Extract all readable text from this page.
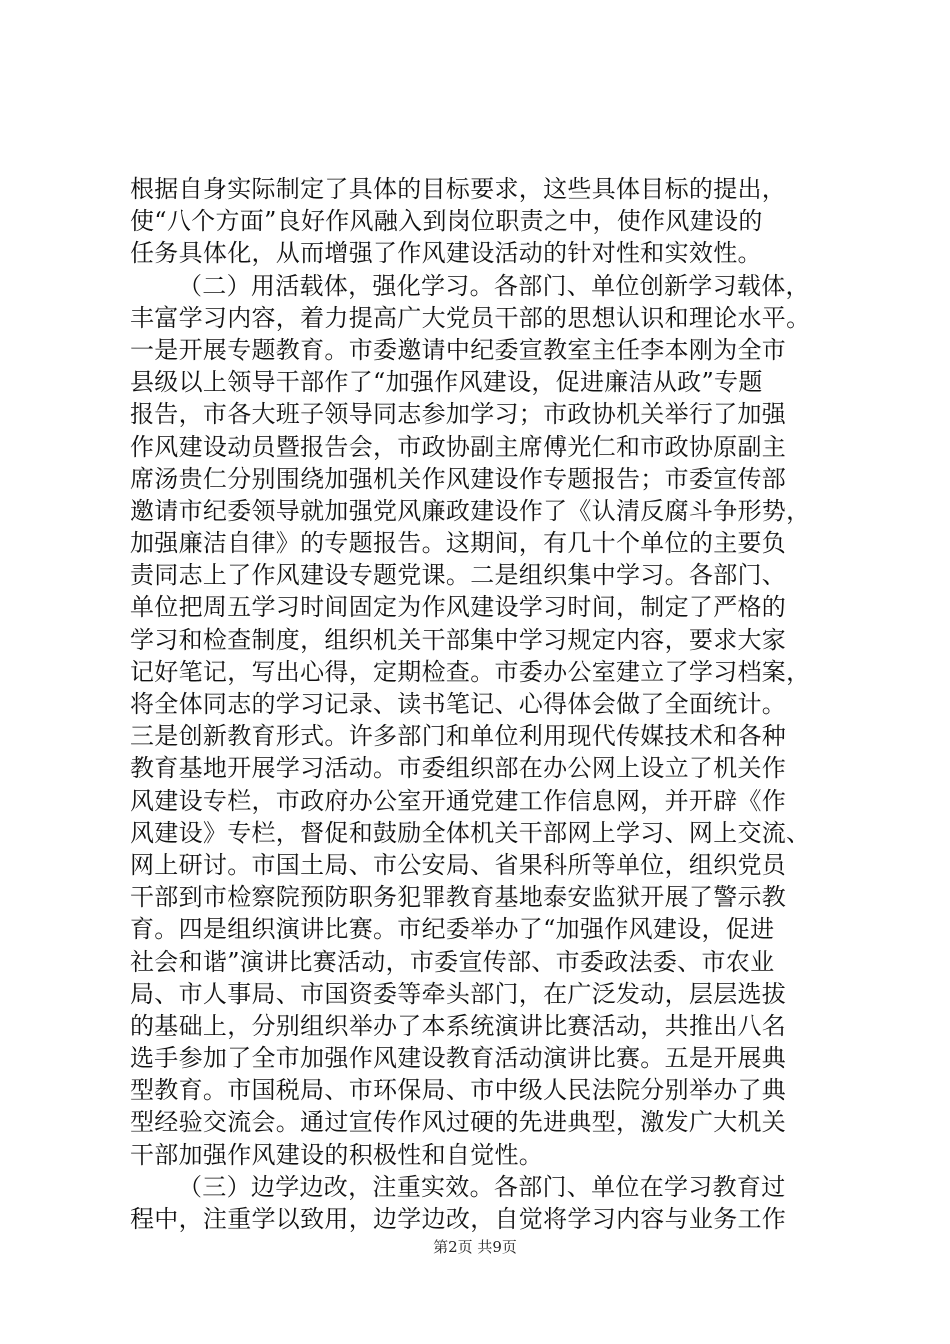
根据自身实际制定了具体的目标要求，这些具体目标的提出，
使“八个方面”良好作风融入到岗位职责之中，使作风建设的
任务具体化，从而增强了作风建设活动的针对性和实效性。
（二）用活载体，强化学习。各部门、单位创新学习载体，
丰富学习内容，着力提高广大党员干部的思想认识和理论水平。
一是开展专题教育。市委邀请中纪委宣教室主任李本刚为全市
县级以上领导干部作了“加强作风建设，促进廉洁从政”专题
报告，市各大班子领导同志参加学习；市政协机关举行了加强
作风建设动员暨报告会，市政协副主席傅光仁和市政协原副主
席汤贵仁分别围绕加强机关作风建设作专题报告；市委宣传部
邀请市纪委领导就加强党风廉政建设作了《认清反腐斗争形势，
加强廉洁自律》的专题报告。这期间，有几十个单位的主要负
责同志上了作风建设专题党课。二是组织集中学习。各部门、
单位把周五学习时间固定为作风建设学习时间，制定了严格的
学习和检查制度，组织机关干部集中学习规定内容，要求大家
记好笔记，写出心得，定期检查。市委办公室建立了学习档案，
将全体同志的学习记录、读书笔记、心得体会做了全面统计。
三是创新教育形式。许多部门和单位利用现代传媒技术和各种
教育基地开展学习活动。市委组织部在办公网上设立了机关作
风建设专栏，市政府办公室开通党建工作信息网，并开辟《作
风建设》专栏，督促和鼓励全体机关干部网上学习、网上交流、
网上研讨。市国土局、市公安局、省果科所等单位，组织党员
干部到市检察院预防职务犯罪教育基地泰安监狱开展了警示教
育。四是组织演讲比赛。市纪委举办了“加强作风建设，促进
社会和谐”演讲比赛活动，市委宣传部、市委政法委、市农业
局、市人事局、市国资委等牵头部门，在广泛发动，层层选拔
的基础上，分别组织举办了本系统演讲比赛活动，共推出八名
选手参加了全市加强作风建设教育活动演讲比赛。五是开展典
型教育。市国税局、市环保局、市中级人民法院分别举办了典
型经验交流会。通过宣传作风过硬的先进典型，激发广大机关
干部加强作风建设的积极性和自觉性。
（三）边学边改，注重实效。各部门、单位在学习教育过
程中，注重学以致用，边学边改，自觉将学习内容与业务工作
第2页 共9页
